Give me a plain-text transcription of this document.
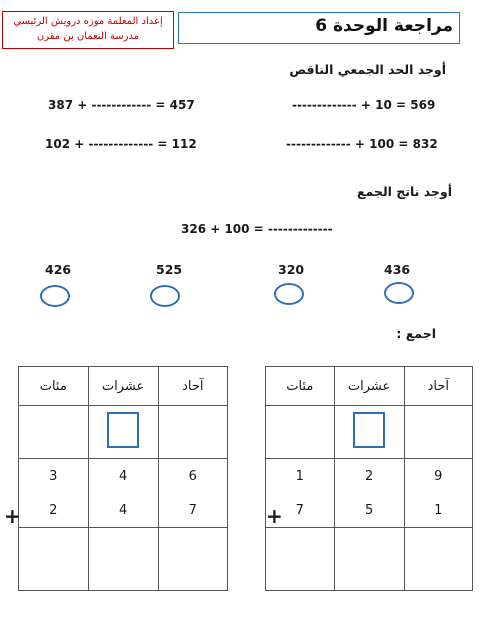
مراجعة الوحدة 6
إعداد المعلمة موزه درويش الرئيسي
مدرسة النعمان بن مقرن
أوجد الحد الجمعي الناقص
387 + ------------ = 457	------------- + 10 = 569
102 + ------------- = 112	------------- + 100 = 832
أوجد ناتج الجمع
326 + 100 = -------------
426	525	320	436
اجمع :
مئات	عشرات	آحاد

3	4	6
2	4	7

+
مئات	عشرات	آحاد

1	2	9
7	5	1

+
